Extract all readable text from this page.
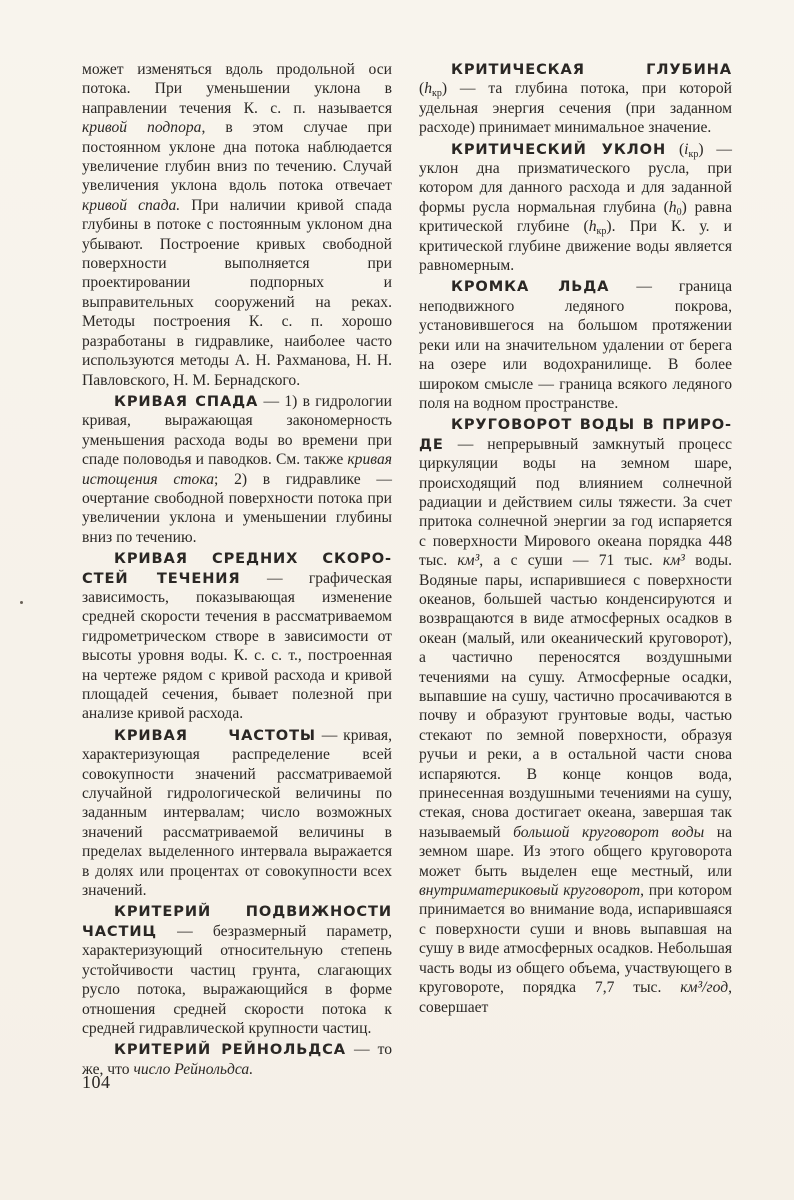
может изменяться вдоль продольной оси потока. При уменьшении уклона в направлении течения К. с. п. называется кривой подпора, в этом случае при постоянном уклоне дна потока наблюдается увеличение глубин вниз по течению. Случай увеличения уклона вдоль потока отвечает кривой спада. При наличии кривой спада глубины в потоке с постоянным уклоном дна убывают. Построение кривых свободной поверхности выполняется при проектировании подпорных и выправительных сооружений на реках. Методы построения К. с. п. хорошо разработаны в гидравлике, наиболее часто используются методы А. Н. Рахманова, Н. Н. Павловского, Н. М. Бернадского.

КРИВАЯ СПАДА — 1) в гидрологии кривая, выражающая закономерность уменьшения расхода воды во времени при спаде половодья и паводков. См. также кривая истощения стока; 2) в гидравлике — очертание свободной поверхности потока при увеличении уклона и уменьшении глубины вниз по течению.

КРИВАЯ СРЕДНИХ СКОРО-

СТЕЙ ТЕЧЕНИЯ — графическая зависимость, показывающая изменение средней скорости течения в рассматриваемом гидрометрическом створе в зависимости от высоты уровня воды. К. с. с. т., построенная на чертеже рядом с кривой расхода и кривой площадей сечения, бывает полезной при анализе кривой расхода.

КРИВАЯ	ЧАСТОТЫ — кривая, характеризующая распределение всей совокупности значений рассматриваемой случайной гидрологической величины по заданным интервалам; число возможных значений рассматриваемой величины в пределах выделенного интервала выражается в долях или процентах от совокупности всех значений.

КРИТЕРИЙ ПОДВИЖНОСТИ

ЧАСТИЦ — безразмерный параметр, характеризующий относительную степень устойчивости частиц грунта, слагающих русло потока, выражающийся в форме отношения средней скорости потока к средней гидравлической крупности частиц.

КРИТЕРИЙ РЕЙНОЛЬДСА — то же, что число Рейнольдса.

КРИТИЧЕСКАЯ	ГЛУБИНА

$(h_{кр})$ — та глубина потока, при которой удельная энергия сечения (при заданном расходе) принимает минимальное значение.

КРИТИЧЕСКИЙ УКЛОН $(i_{кр})$ — уклон дна призматического русла, при котором для данного расхода и для заданной формы русла нормальная глубина $(h_0)$ равна критической глубине $(h_{кр})$. При К. у. и критической глубине движение воды является равномерным.

КРОМКА ЛЬДА — граница неподвижного ледяного покрова, установившегося на большом протяжении реки или на значительном удалении от берега на озере или водохранилище. В более широком смысле — граница всякого ледяного поля на водном пространстве.

КРУГОВОРОТ ВОДЫ В ПРИРО- ДЕ — непрерывный замкнутый процесс циркуляции воды на земном шаре, происходящий под влиянием солнечной радиации и действием силы тяжести. За счет притока солнечной энергии за год испаряется с поверхности Мирового океана порядка 448 тыс. км³, а с суши — 71 тыс. км³ воды. Водяные пары, испарившиеся с поверхности океанов, большей частью конденсируются и возвращаются в виде атмосферных осадков в океан (малый, или океанический круговорот), а частично переносятся воздушными течениями на сушу. Атмосферные осадки, выпавшие на сушу, частично просачиваются в почву и образуют грунтовые воды, частью стекают по земной поверхности, образуя ручьи и реки, а в остальной части снова испаряются. В конце концов вода, принесенная воздушными течениями на сушу, стекая, снова достигает океана, завершая так называемый большой круговорот воды на земном шаре. Из этого общего круговорота может быть выделен еще местный, или внутриматериковый круговорот, при котором принимается во внимание вода, испарившаяся с поверхности суши и вновь выпавшая на сушу в виде атмосферных осадков. Небольшая часть воды из общего объема, участвующего в круговороте, порядка 7,7 тыс. км³/год, совершает

104
